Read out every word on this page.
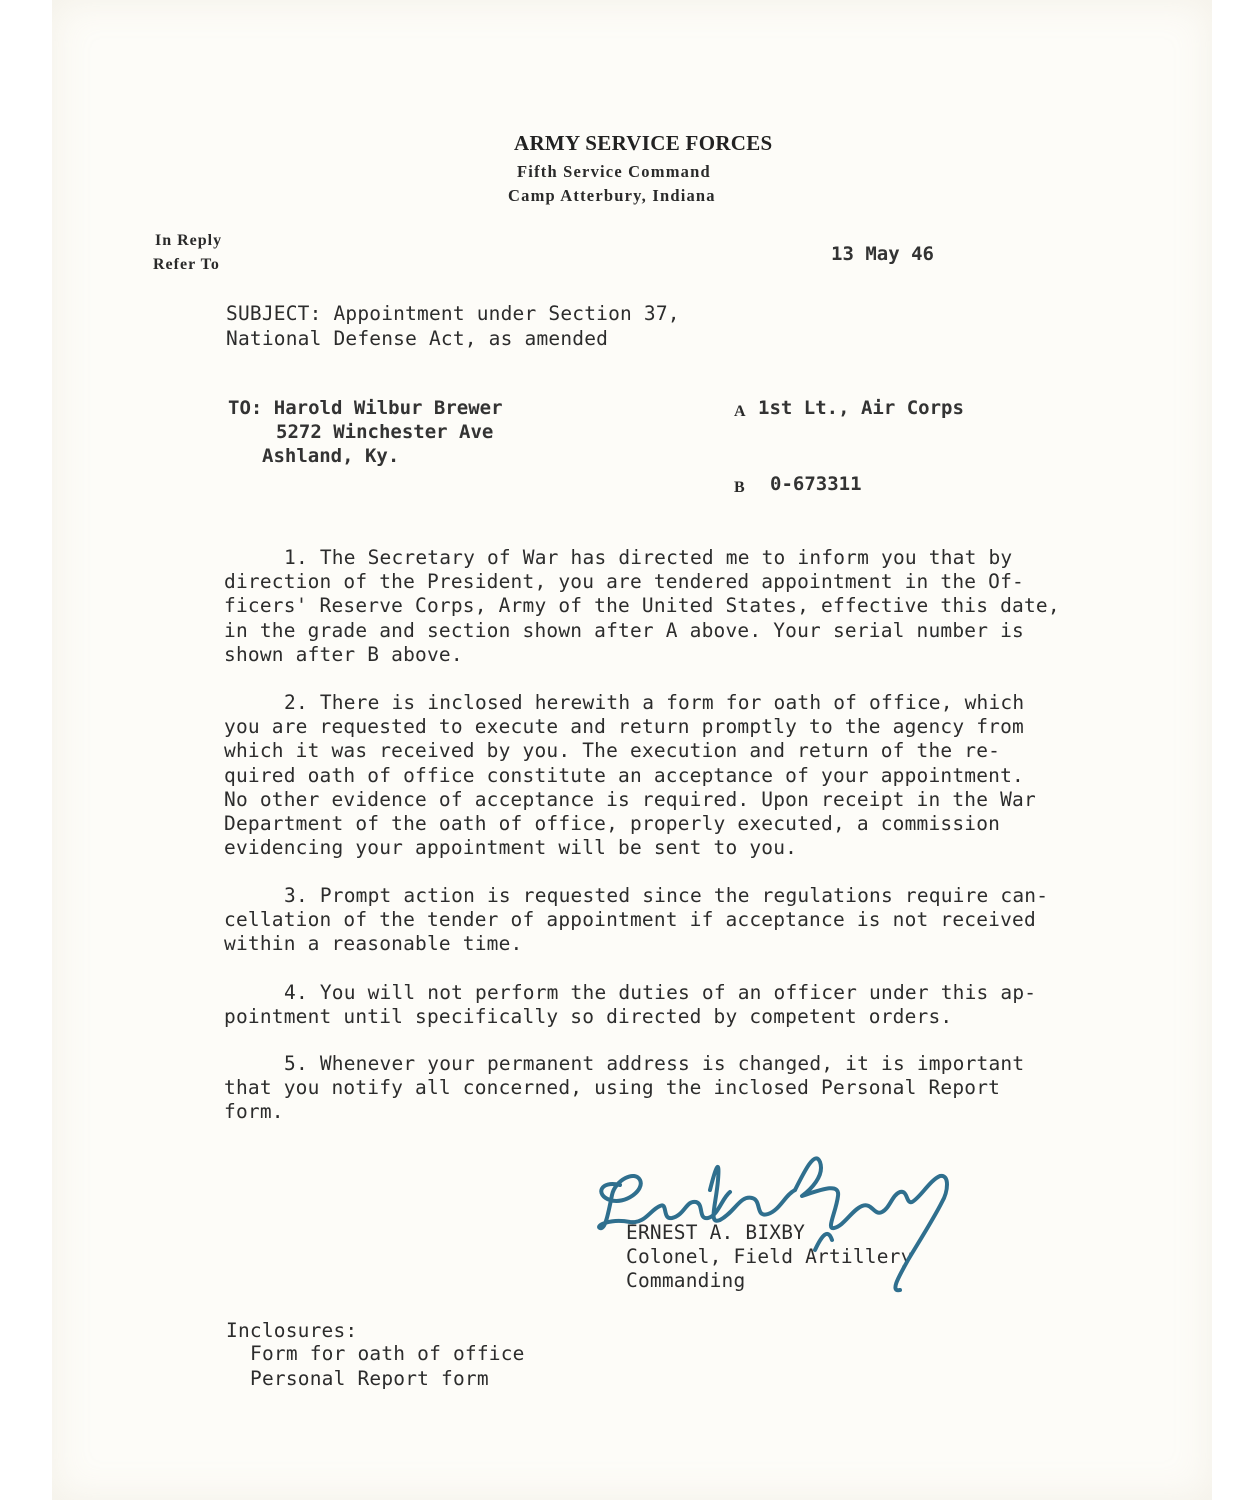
ARMY SERVICE FORCES
Fifth Service Command
Camp Atterbury, Indiana
In Reply
Refer To	13 May 46
SUBJECT: Appointment under Section 37,
National Defense Act, as amended
TO: Harold Wilbur Brewer
5272 Winchester Ave
Ashland, Ky.
A 1st Lt., Air Corps
B 0-673311
1. The Secretary of War has directed me to inform you that by
direction of the President, you are tendered appointment in the Of-
ficers' Reserve Corps, Army of the United States, effective this date,
in the grade and section shown after A above. Your serial number is
shown after B above.
2. There is inclosed herewith a form for oath of office, which
you are requested to execute and return promptly to the agency from
which it was received by you. The execution and return of the re-
quired oath of office constitute an acceptance of your appointment.
No other evidence of acceptance is required. Upon receipt in the War
Department of the oath of office, properly executed, a commission
evidencing your appointment will be sent to you.
3. Prompt action is requested since the regulations require can-
cellation of the tender of appointment if acceptance is not received
within a reasonable time.
4. You will not perform the duties of an officer under this ap-
pointment until specifically so directed by competent orders.
5. Whenever your permanent address is changed, it is important
that you notify all concerned, using the inclosed Personal Report
form.
ERNEST A. BIXBY
Colonel, Field Artillery
Commanding
Inclosures:
Form for oath of office
Personal Report form
